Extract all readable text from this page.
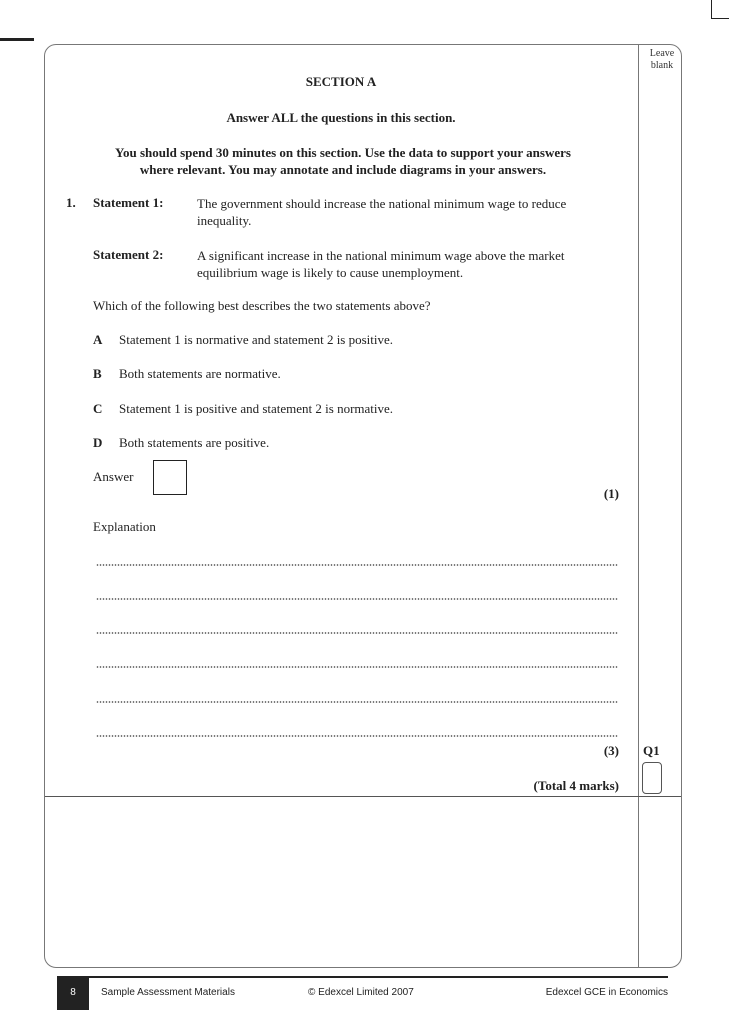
Leave blank
SECTION A
Answer ALL the questions in this section.
You should spend 30 minutes on this section. Use the data to support your answers
where relevant. You may annotate and include diagrams in your answers.
1. Statement 1:	The government should increase the national minimum wage to reduce inequality.
Statement 2:	A significant increase in the national minimum wage above the market equilibrium wage is likely to cause unemployment.
Which of the following best describes the two statements above?
A Statement 1 is normative and statement 2 is positive.
B Both statements are normative.
C Statement 1 is positive and statement 2 is normative.
D Both statements are positive.
Answer
(1)
Explanation
(3) Q1
(Total 4 marks)
8	Sample Assessment Materials	© Edexcel Limited 2007	Edexcel GCE in Economics
